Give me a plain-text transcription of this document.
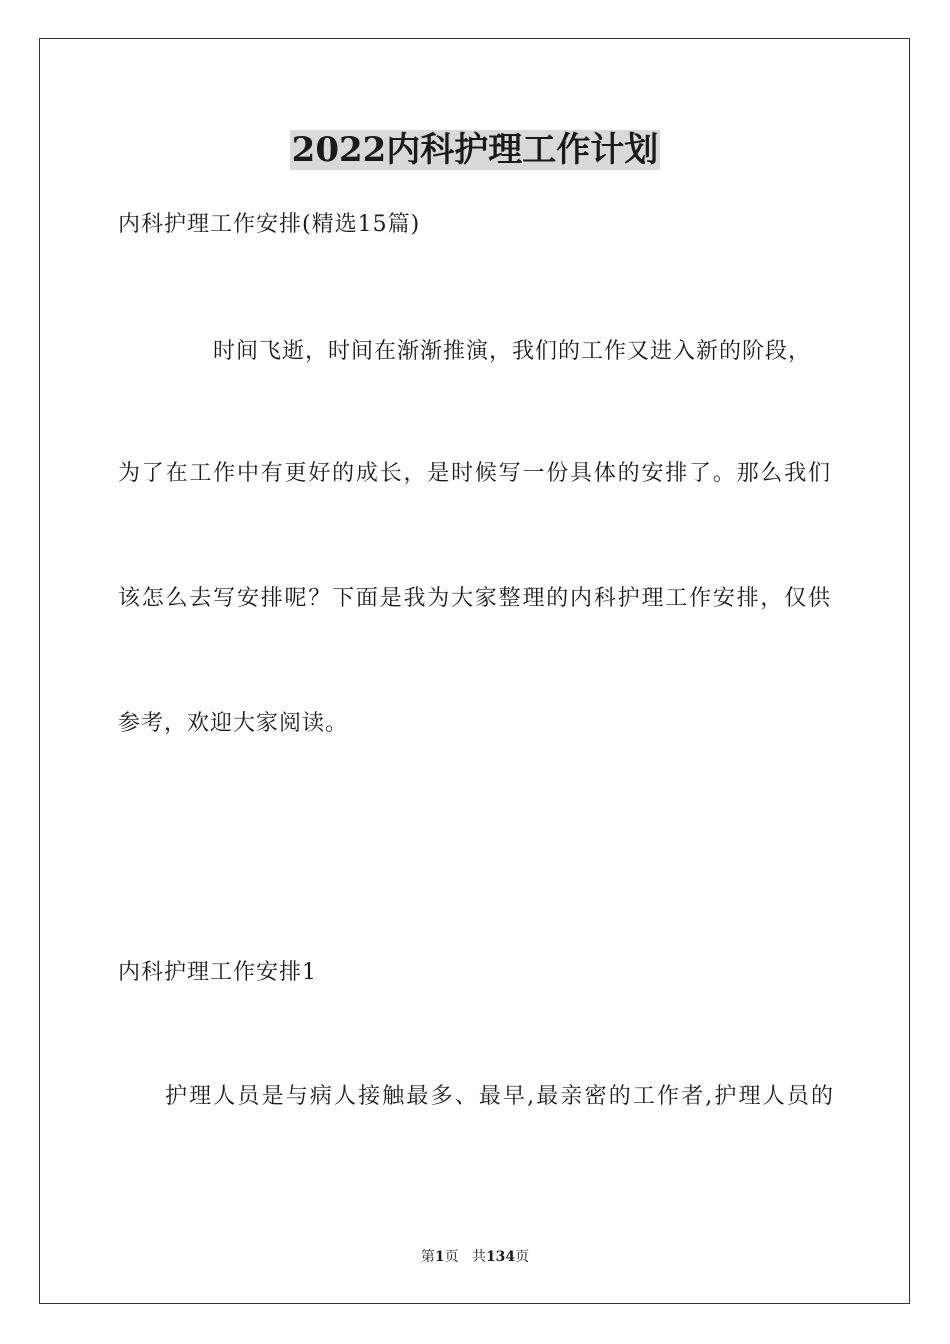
2022内科护理工作计划
内科护理工作安排(精选15篇)
时间飞逝，时间在渐渐推演，我们的工作又进入新的阶段，
为了在工作中有更好的成长，是时候写一份具体的安排了。那么我们
该怎么去写安排呢？下面是我为大家整理的内科护理工作安排，仅供
参考，欢迎大家阅读。
内科护理工作安排1
护理人员是与病人接触最多、最早,最亲密的工作者,护理人员的
第1页   共134页
